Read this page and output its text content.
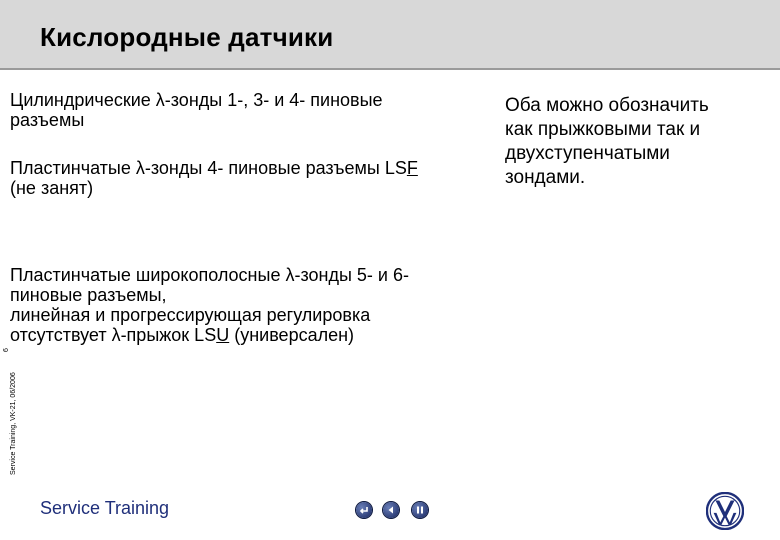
Кислородные датчики
Цилиндрические λ-зонды 1-, 3- и 4- пиновые
разъемы
Пластинчатые λ-зонды 4- пиновые разъемы LSF
(не занят)
Пластинчатые широкополосные λ-зонды 5- и 6-
пиновые разъемы,
линейная и прогрессирующая регулировка
отсутствует λ-прыжок LSU (универсален)
Оба можно обозначить
как прыжковыми так и
двухступенчатыми
зондами.
6
Service Training, VK-21, 06/2006
Service Training
